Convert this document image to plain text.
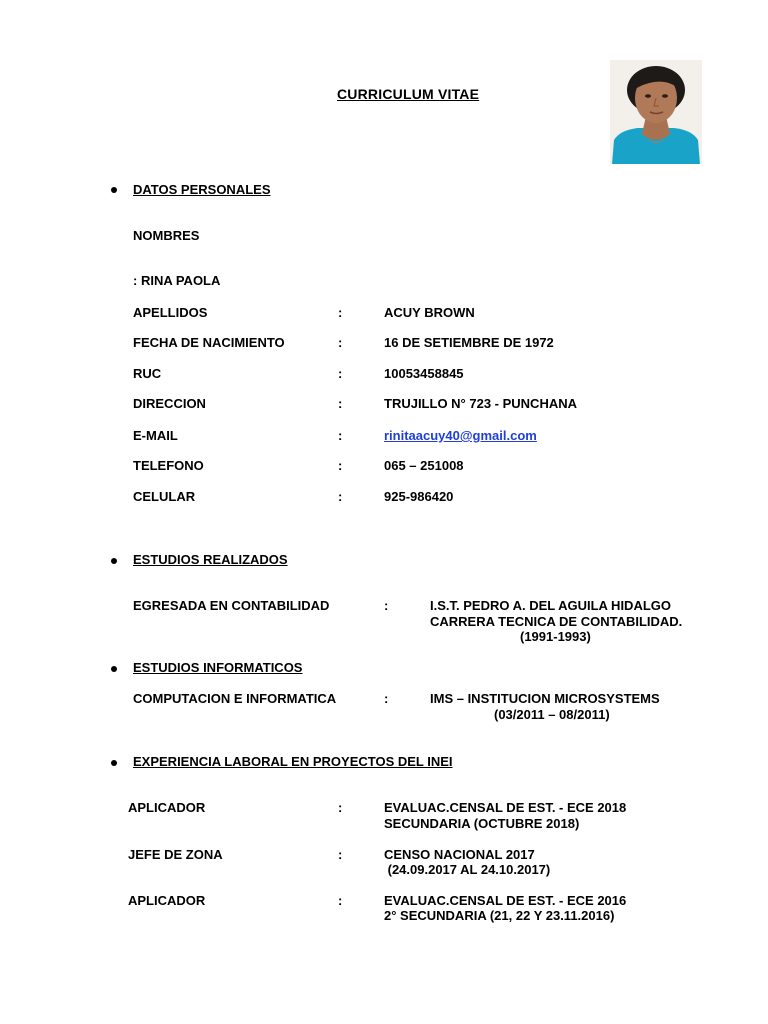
CURRICULUM VITAE
DATOS PERSONALES
NOMBRES
: RINA PAOLA
APELLIDOS	:	ACUY BROWN
FECHA DE NACIMIENTO	:	16 DE SETIEMBRE DE 1972
RUC	:	10053458845
DIRECCION	:	TRUJILLO N° 723 - PUNCHANA
E-MAIL	:	rinitaacuy40@gmail.com
TELEFONO	:	065 – 251008
CELULAR	:	925-986420
ESTUDIOS REALIZADOS
EGRESADA EN CONTABILIDAD	:	I.S.T. PEDRO A. DEL AGUILA HIDALGO
CARRERA TECNICA DE CONTABILIDAD.
(1991-1993)
ESTUDIOS INFORMATICOS
COMPUTACION E INFORMATICA	:	IMS – INSTITUCION MICROSYSTEMS
(03/2011 – 08/2011)
EXPERIENCIA LABORAL EN PROYECTOS DEL INEI
APLICADOR	:	EVALUAC.CENSAL DE EST. - ECE 2018
SECUNDARIA (OCTUBRE 2018)
JEFE DE ZONA	:	CENSO NACIONAL 2017
(24.09.2017 AL 24.10.2017)
APLICADOR	:	EVALUAC.CENSAL DE EST. - ECE 2016
2° SECUNDARIA (21, 22 Y 23.11.2016)
